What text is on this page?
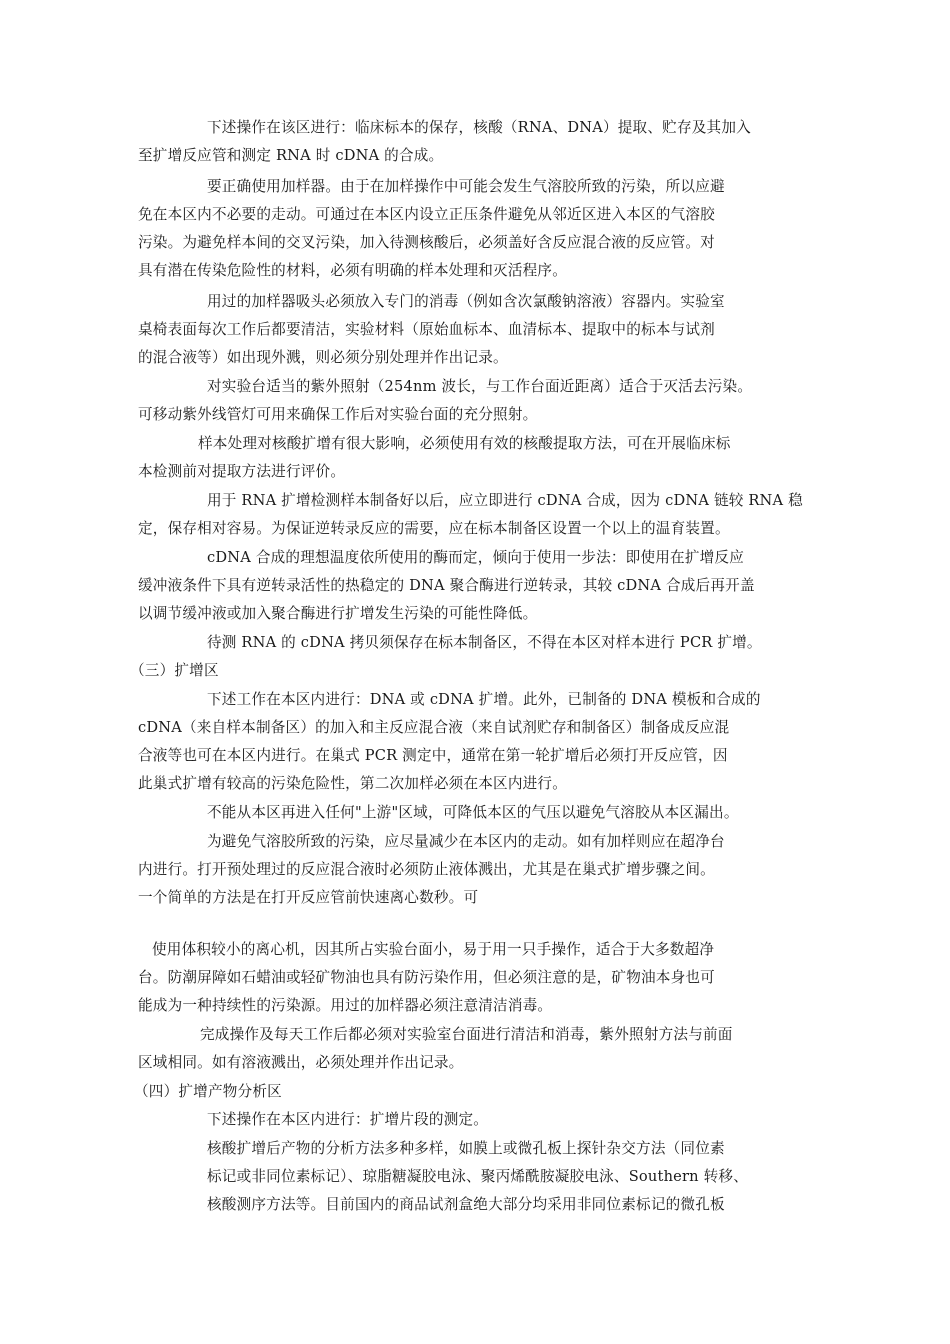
下述操作在该区进行：临床标本的保存，核酸（RNA、DNA）提取、贮存及其加入
至扩增反应管和测定 RNA 时 cDNA 的合成。
要正确使用加样器。由于在加样操作中可能会发生气溶胶所致的污染，所以应避
免在本区内不必要的走动。可通过在本区内设立正压条件避免从邻近区进入本区的气溶胶
污染。为避免样本间的交叉污染，加入待测核酸后，必须盖好含反应混合液的反应管。对
具有潜在传染危险性的材料，必须有明确的样本处理和灭活程序。
用过的加样器吸头必须放入专门的消毒（例如含次氯酸钠溶液）容器内。实验室
桌椅表面每次工作后都要清洁，实验材料（原始血标本、血清标本、提取中的标本与试剂
的混合液等）如出现外溅，则必须分别处理并作出记录。
对实验台适当的紫外照射（254nm 波长，与工作台面近距离）适合于灭活去污染。
可移动紫外线管灯可用来确保工作后对实验台面的充分照射。
样本处理对核酸扩增有很大影响，必须使用有效的核酸提取方法，可在开展临床标
本检测前对提取方法进行评价。
用于 RNA 扩增检测样本制备好以后，应立即进行 cDNA 合成，因为 cDNA 链较 RNA 稳
定，保存相对容易。为保证逆转录反应的需要，应在标本制备区设置一个以上的温育装置。
cDNA 合成的理想温度依所使用的酶而定，倾向于使用一步法：即使用在扩增反应
缓冲液条件下具有逆转录活性的热稳定的 DNA 聚合酶进行逆转录，其较 cDNA 合成后再开盖
以调节缓冲液或加入聚合酶进行扩增发生污染的可能性降低。
待测 RNA 的 cDNA 拷贝须保存在标本制备区，不得在本区对样本进行 PCR 扩增。
（三）扩增区
下述工作在本区内进行：DNA 或 cDNA 扩增。此外，已制备的 DNA 模板和合成的
cDNA（来自样本制备区）的加入和主反应混合液（来自试剂贮存和制备区）制备成反应混
合液等也可在本区内进行。在巢式 PCR 测定中，通常在第一轮扩增后必须打开反应管，因
此巢式扩增有较高的污染危险性，第二次加样必须在本区内进行。
不能从本区再进入任何"上游"区域，可降低本区的气压以避免气溶胶从本区漏出。
为避免气溶胶所致的污染，应尽量减少在本区内的走动。如有加样则应在超净台
内进行。打开预处理过的反应混合液时必须防止液体溅出，尤其是在巢式扩增步骤之间。
一个简单的方法是在打开反应管前快速离心数秒。可
使用体积较小的离心机，因其所占实验台面小，易于用一只手操作，适合于大多数超净
台。防潮屏障如石蜡油或轻矿物油也具有防污染作用，但必须注意的是，矿物油本身也可
能成为一种持续性的污染源。用过的加样器必须注意清洁消毒。
完成操作及每天工作后都必须对实验室台面进行清洁和消毒，紫外照射方法与前面
区域相同。如有溶液溅出，必须处理并作出记录。
（四）扩增产物分析区
下述操作在本区内进行：扩增片段的测定。
核酸扩增后产物的分析方法多种多样，如膜上或微孔板上探针杂交方法（同位素
标记或非同位素标记）、琼脂糖凝胶电泳、聚丙烯酰胺凝胶电泳、Southern 转移、
核酸测序方法等。目前国内的商品试剂盒绝大部分均采用非同位素标记的微孔板
